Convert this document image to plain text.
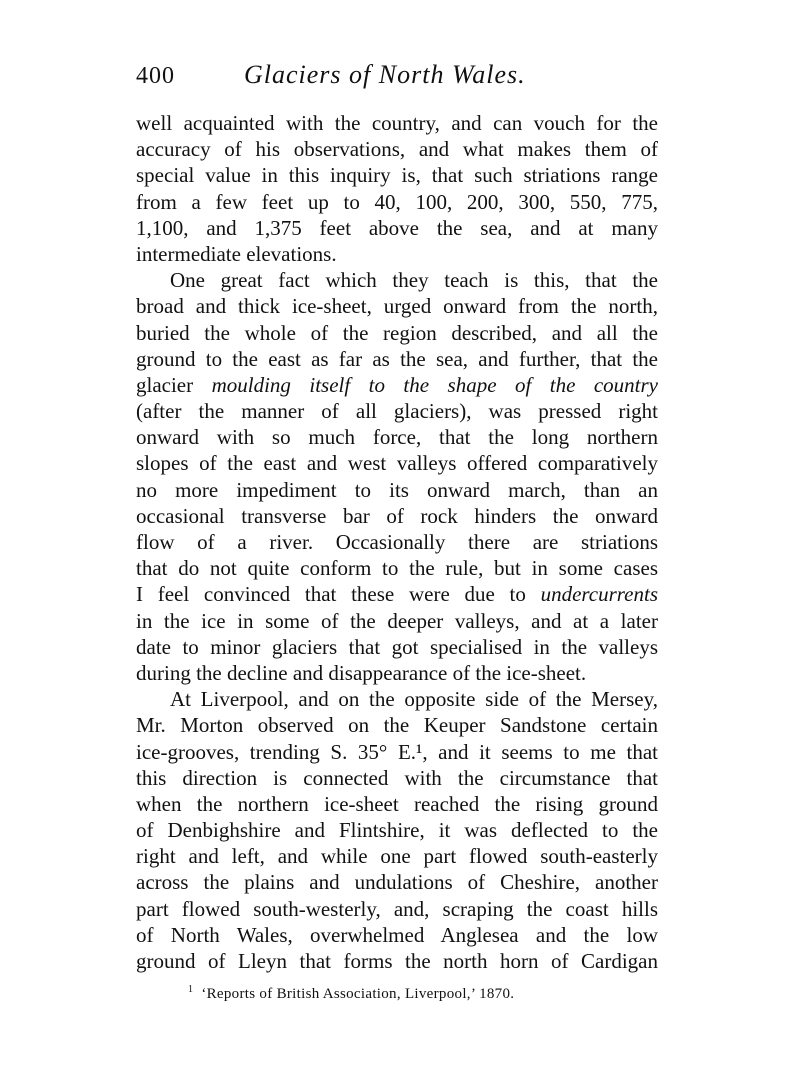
400	Glaciers of North Wales.
well acquainted with the country, and can vouch for the
accuracy of his observations, and what makes them of
special value in this inquiry is, that such striations range
from a few feet up to 40, 100, 200, 300, 550, 775,
1,100, and 1,375 feet above the sea, and at many
intermediate elevations.
One great fact which they teach is this, that the
broad and thick ice-sheet, urged onward from the north,
buried the whole of the region described, and all the
ground to the east as far as the sea, and further, that the
glacier moulding itself to the shape of the country
(after the manner of all glaciers), was pressed right
onward with so much force, that the long northern
slopes of the east and west valleys offered comparatively
no more impediment to its onward march, than an
occasional transverse bar of rock hinders the onward
flow of a river. Occasionally there are striations
that do not quite conform to the rule, but in some cases
I feel convinced that these were due to undercurrents
in the ice in some of the deeper valleys, and at a later
date to minor glaciers that got specialised in the valleys
during the decline and disappearance of the ice-sheet.
At Liverpool, and on the opposite side of the Mersey,
Mr. Morton observed on the Keuper Sandstone certain
ice-grooves, trending S. 35° E.¹, and it seems to me that
this direction is connected with the circumstance that
when the northern ice-sheet reached the rising ground
of Denbighshire and Flintshire, it was deflected to the
right and left, and while one part flowed south-easterly
across the plains and undulations of Cheshire, another
part flowed south-westerly, and, scraping the coast hills
of North Wales, overwhelmed Anglesea and the low
ground of Lleyn that forms the north horn of Cardigan
$^1$ ‘Reports of British Association, Liverpool,’ 1870.
